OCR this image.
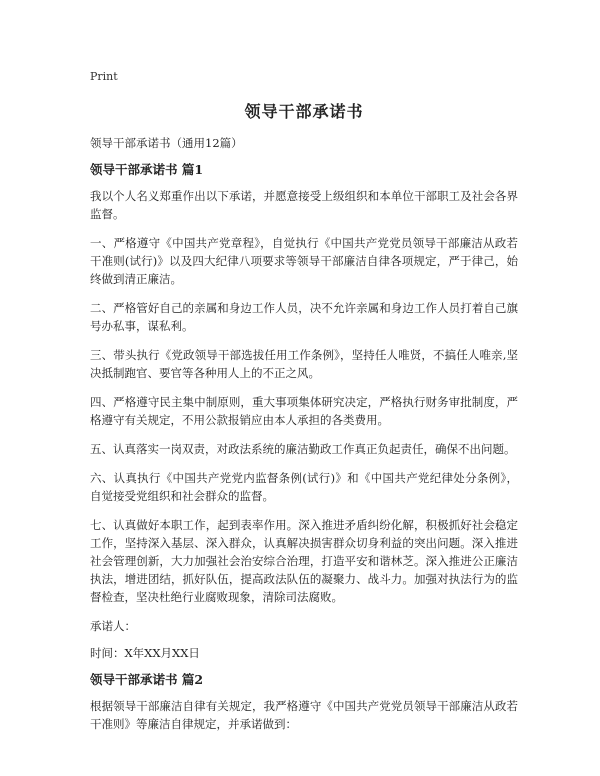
Print
领导干部承诺书
领导干部承诺书（通用12篇）
领导干部承诺书 篇1

我以个人名义郑重作出以下承诺，并愿意接受上级组织和本单位干部职工及社会各界监督。

一、严格遵守《中国共产党章程》，自觉执行《中国共产党党员领导干部廉洁从政若干准则(试行)》以及四大纪律八项要求等领导干部廉洁自律各项规定，严于律己，始终做到清正廉洁。

二、严格管好自己的亲属和身边工作人员，决不允许亲属和身边工作人员打着自己旗号办私事，谋私利。

三、带头执行《党政领导干部选拔任用工作条例》，坚持任人唯贤，不搞任人唯亲,坚决抵制跑官、要官等各种用人上的不正之风。

四、严格遵守民主集中制原则，重大事项集体研究决定，严格执行财务审批制度，严格遵守有关规定，不用公款报销应由本人承担的各类费用。

五、认真落实一岗双责，对政法系统的廉洁勤政工作真正负起责任，确保不出问题。

六、认真执行《中国共产党党内监督条例(试行)》和《中国共产党纪律处分条例》，自觉接受党组织和社会群众的监督。

七、认真做好本职工作，起到表率作用。深入推进矛盾纠纷化解，积极抓好社会稳定工作，坚持深入基层、深入群众，认真解决损害群众切身利益的突出问题。深入推进社会管理创新，大力加强社会治安综合治理，打造平安和谐林芝。深入推进公正廉洁执法，增进团结，抓好队伍，提高政法队伍的凝聚力、战斗力。加强对执法行为的监督检查，坚决杜绝行业腐败现象，清除司法腐败。

承诺人：

时间：X年XX月XX日

领导干部承诺书 篇2

根据领导干部廉洁自律有关规定，我严格遵守《中国共产党党员领导干部廉洁从政若干准则》等廉洁自律规定，并承诺做到：
